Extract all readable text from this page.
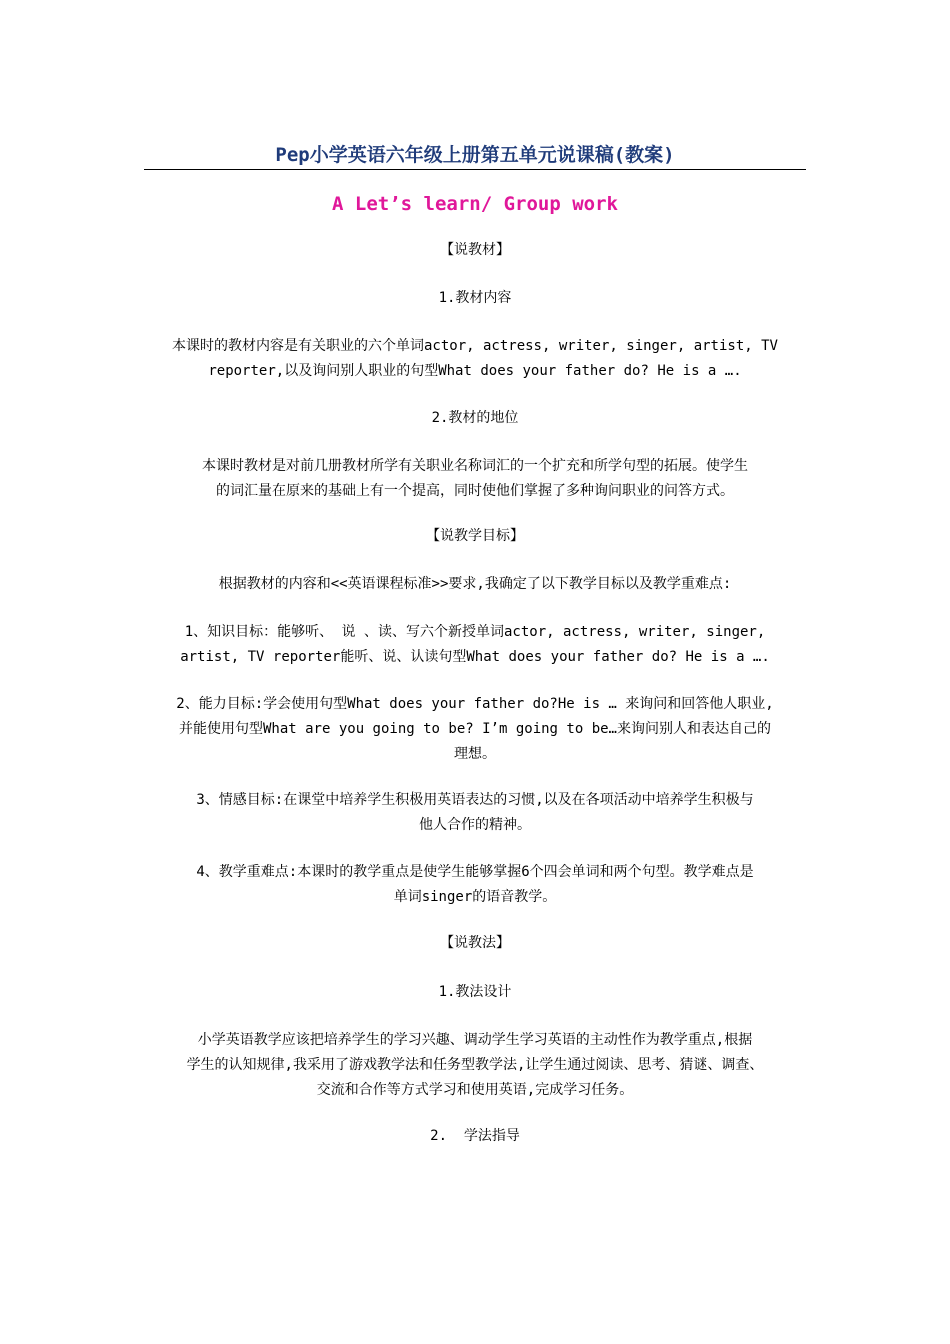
Pep小学英语六年级上册第五单元说课稿(教案)
A Let’s learn/ Group work
【说教材】
1.教材内容
本课时的教材内容是有关职业的六个单词actor, actress, writer, singer, artist, TV
reporter,以及询问别人职业的句型What does your father do? He is a ….‍
2.教材的地位
本课时教材是对前几册教材所学有关职业名称词汇的一个扩充和所学句型的拓展。使学生
的词汇量在原来的基础上有一个提高，同时使他们掌握了多种询问职业的问答方式。
【说教学目标】
根据教材的内容和<<英语课程标准>>要求,我确定了以下教学目标以及教学重难点:
1、知识目标：能够听、 说 、读、写六个新授单词actor, actress, writer, singer,
artist, TV reporter能听、说、认读句型What does your father do? He is a ….
2、能力目标:学会使用句型What does your father do?He is … 来询问和回答他人职业,
并能使用句型What are you going to be? I’m going to be…来询问别人和表达自己的
理想。
3、情感目标:在课堂中培养学生积极用英语表达的习惯,以及在各项活动中培养学生积极与
他人合作的精神。
4、教学重难点:本课时的教学重点是使学生能够掌握6个四会单词和两个句型。教学难点是
单词singer的语音教学。
【说教法】
1.教法设计
小学英语教学应该把培养学生的学习兴趣、调动学生学习英语的主动性作为教学重点,根据
学生的认知规律,我采用了游戏教学法和任务型教学法,让学生通过阅读、思考、猜谜、调查、
交流和合作等方式学习和使用英语,完成学习任务。
2.  学法指导
